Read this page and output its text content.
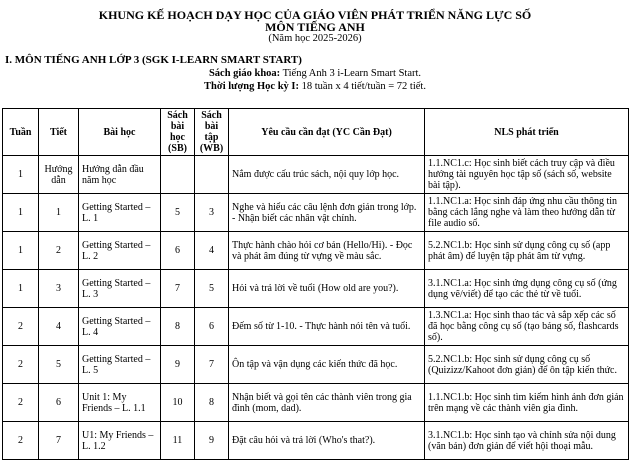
KHUNG KẾ HOẠCH DẠY HỌC CỦA GIÁO VIÊN PHÁT TRIỂN NĂNG LỰC SỐ
MÔN TIẾNG ANH
(Năm học 2025-2026)
I. MÔN TIẾNG ANH LỚP 3 (SGK I-LEARN SMART START)
Sách giáo khoa: Tiếng Anh 3 i-Learn Smart Start.
Thời lượng Học kỳ I: 18 tuần x 4 tiết/tuần = 72 tiết.
Tuần	Tiết	Bài học	Sách bài học (SB)	Sách bài tập (WB)	Yêu cầu cần đạt (YC Cần Đạt)	NLS phát triển
1	Hướng dẫn	Hướng dẫn đầu năm học			Nắm được cấu trúc sách, nội quy lớp học.	1.1.NC1.c: Học sinh biết cách truy cập và điều hướng tài nguyên học tập số (sách số, website bài tập).
1	1	Getting Started – L. 1	5	3	Nghe và hiểu các câu lệnh đơn giản trong lớp. - Nhận biết các nhân vật chính.	1.1.NC1.a: Học sinh đáp ứng nhu cầu thông tin bằng cách lắng nghe và làm theo hướng dẫn từ file audio số.
1	2	Getting Started – L. 2	6	4	Thực hành chào hỏi cơ bản (Hello/Hi). - Đọc và phát âm đúng từ vựng về màu sắc.	5.2.NC1.b: Học sinh sử dụng công cụ số (app phát âm) để luyện tập phát âm từ vựng.
1	3	Getting Started – L. 3	7	5	Hỏi và trả lời về tuổi (How old are you?).	3.1.NC1.a: Học sinh ứng dụng công cụ số (ứng dụng vẽ/viết) để tạo các thẻ từ về tuổi.
2	4	Getting Started – L. 4	8	6	Đếm số từ 1-10. - Thực hành nói tên và tuổi.	1.3.NC1.a: Học sinh thao tác và sắp xếp các số đã học bằng công cụ số (tạo bảng số, flashcards số).
2	5	Getting Started – L. 5	9	7	Ôn tập và vận dụng các kiến thức đã học.	5.2.NC1.b: Học sinh sử dụng công cụ số (Quizizz/Kahoot đơn giản) để ôn tập kiến thức.
2	6	Unit 1: My Friends – L. 1.1	10	8	Nhận biết và gọi tên các thành viên trong gia đình (mom, dad).	1.1.NC1.b: Học sinh tìm kiếm hình ảnh đơn giản trên mạng về các thành viên gia đình.
2	7	U1: My Friends – L. 1.2	11	9	Đặt câu hỏi và trả lời (Who's that?).	3.1.NC1.b: Học sinh tạo và chỉnh sửa nội dung (văn bản) đơn giản để viết hội thoại mẫu.
